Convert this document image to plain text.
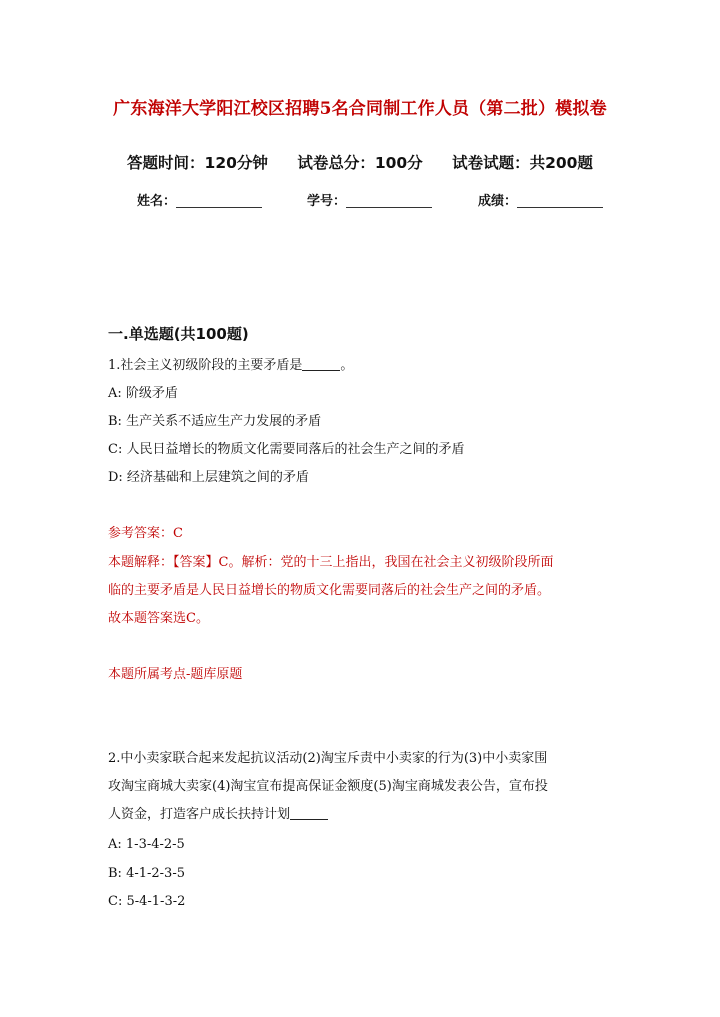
广东海洋大学阳江校区招聘5名合同制工作人员（第二批）模拟卷
答题时间：120分钟 试卷总分：100分 试卷试题：共200题
姓名：	学号：	成绩：
一.单选题(共100题)
1.社会主义初级阶段的主要矛盾是	。
A: 阶级矛盾
B: 生产关系不适应生产力发展的矛盾
C: 人民日益增长的物质文化需要同落后的社会生产之间的矛盾
D: 经济基础和上层建筑之间的矛盾
参考答案：C
本题解释：【答案】C。解析：党的十三上指出，我国在社会主义初级阶段所面
临的主要矛盾是人民日益增长的物质文化需要同落后的社会生产之间的矛盾。
故本题答案选C。
本题所属考点-题库原题
2.中小卖家联合起来发起抗议活动(2)淘宝斥责中小卖家的行为(3)中小卖家围
攻淘宝商城大卖家(4)淘宝宣布提高保证金额度(5)淘宝商城发表公告，宣布投
人资金，打造客户成长扶持计划
A: 1-3-4-2-5
B: 4-1-2-3-5
C: 5-4-1-3-2
